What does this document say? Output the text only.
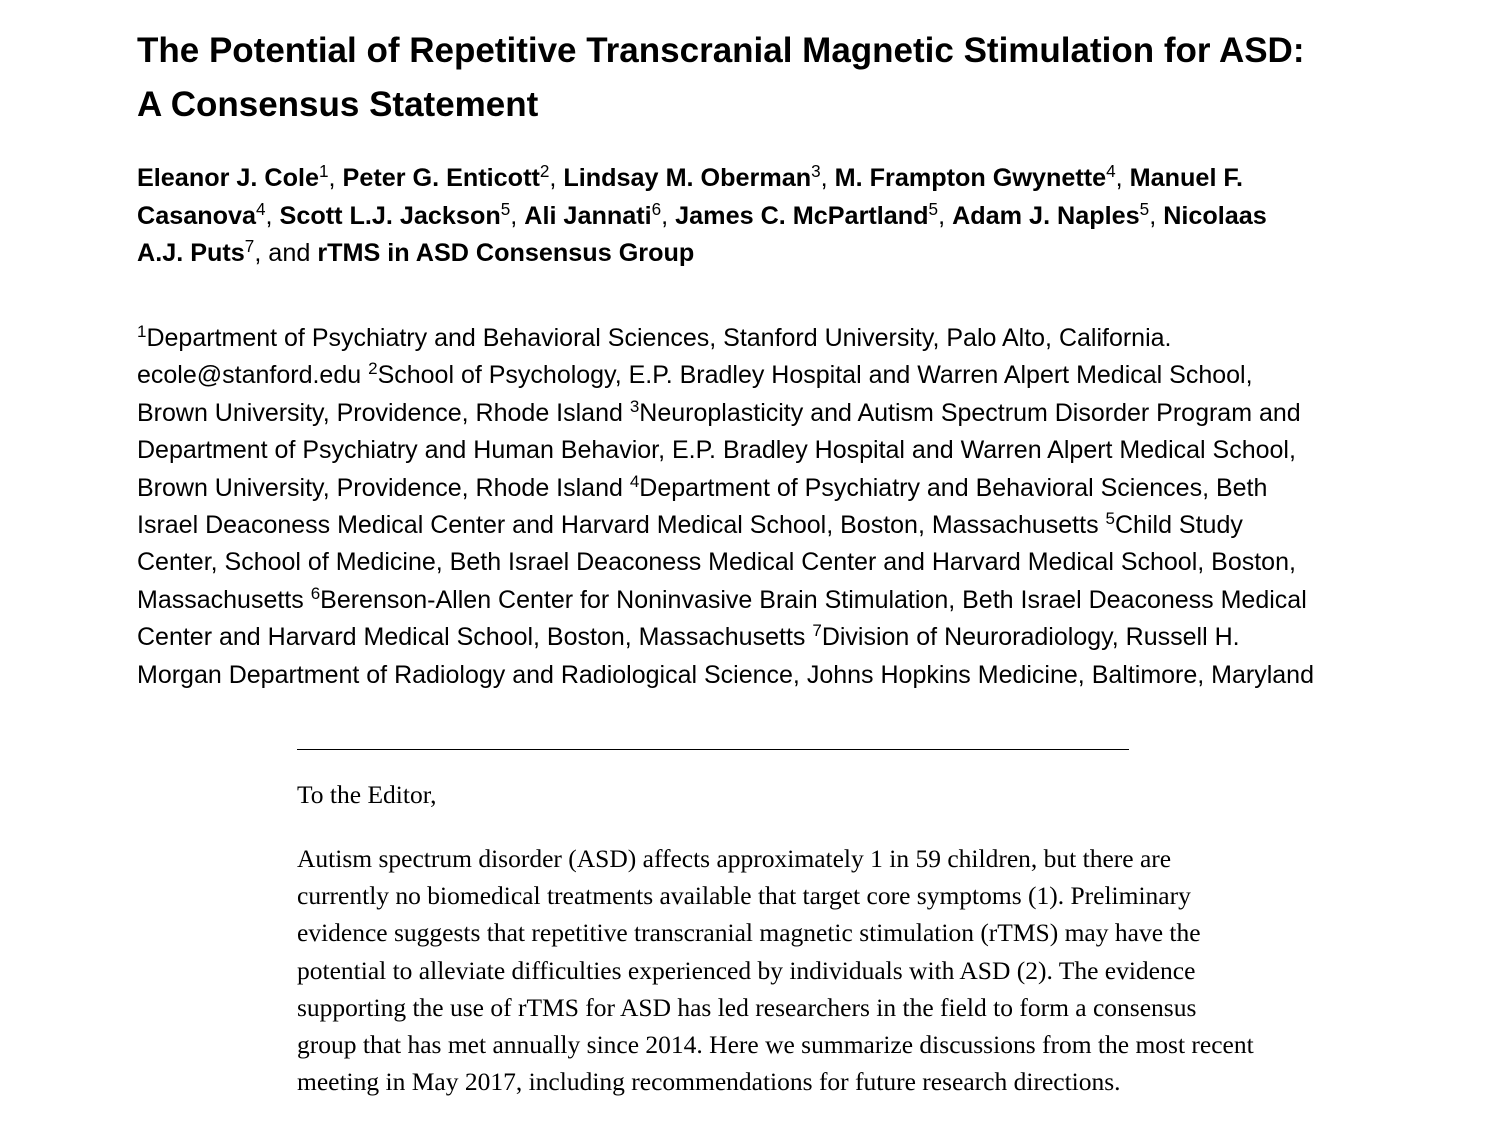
The Potential of Repetitive Transcranial Magnetic Stimulation for ASD: A Consensus Statement

Eleanor J. Cole$^1$, Peter G. Enticott$^2$, Lindsay M. Oberman$^3$, M. Frampton Gwynette$^4$, Manuel F. Casanova$^4$, Scott L.J. Jackson$^5$, Ali Jannati$^6$, James C. McPartland$^5$, Adam J. Naples$^5$, Nicolaas A.J. Puts$^7$, and rTMS in ASD Consensus Group

$^1$Department of Psychiatry and Behavioral Sciences, Stanford University, Palo Alto, California. ecole@stanford.edu $^2$School of Psychology, E.P. Bradley Hospital and Warren Alpert Medical School, Brown University, Providence, Rhode Island $^3$Neuroplasticity and Autism Spectrum Disorder Program and Department of Psychiatry and Human Behavior, E.P. Bradley Hospital and Warren Alpert Medical School, Brown University, Providence, Rhode Island $^4$Department of Psychiatry and Behavioral Sciences, Beth Israel Deaconess Medical Center and Harvard Medical School, Boston, Massachusetts $^5$Child Study Center, School of Medicine, Beth Israel Deaconess Medical Center and Harvard Medical School, Boston, Massachusetts $^6$Berenson-Allen Center for Noninvasive Brain Stimulation, Beth Israel Deaconess Medical Center and Harvard Medical School, Boston, Massachusetts $^7$Division of Neuroradiology, Russell H. Morgan Department of Radiology and Radiological Science, Johns Hopkins Medicine, Baltimore, Maryland

To the Editor,

Autism spectrum disorder (ASD) affects approximately 1 in 59 children, but there are currently no biomedical treatments available that target core symptoms (1). Preliminary evidence suggests that repetitive transcranial magnetic stimulation (rTMS) may have the potential to alleviate difficulties experienced by individuals with ASD (2). The evidence supporting the use of rTMS for ASD has led researchers in the field to form a consensus group that has met annually since 2014. Here we summarize discussions from the most recent meeting in May 2017, including recommendations for future research directions.
